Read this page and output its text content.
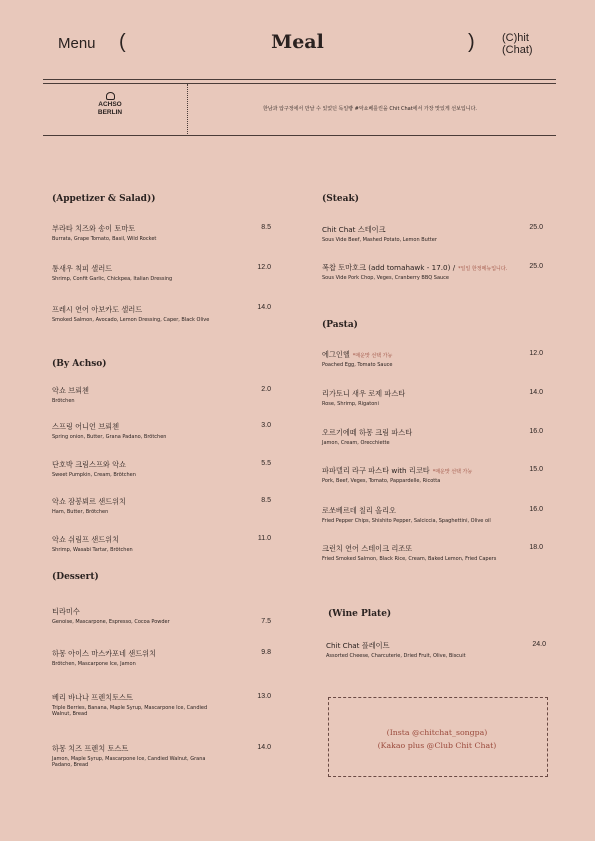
Menu (	Meal	) (C)hit
(Chat)
ACHSO
BERLIN	한남과 압구정에서 만날 수 있었던 독일빵 #악쇼베를린을 Chit Chat에서 가장 맛있게 선보입니다.
(Appetizer & Salad))
부라타 치즈와 송이 토마토
Burrata, Grape Tomato, Basil, Wild Rocket
8.5
통새우 칙피 샐러드
Shrimp, Confit Garlic, Chickpea, Italian Dressing
12.0
프레시 연어 아보카도 샐러드
Smoked Salmon, Avocado, Lemon Dressing, Caper, Black Olive
14.0
(By Achso)
악쇼 브뢰첸
Brötchen
2.0
스프링 어니언 브뢰첸
Spring onion, Butter, Grana Padano, Brötchen
3.0
단호박 크림스프와 악쇼
Sweet Pumpkin, Cream, Brötchen
5.5
악쇼 잠봉뵈르 샌드위치
Ham, Butter, Brötchen
8.5
악쇼 쉬림프 샌드위치
Shrimp, Wasabi Tartar, Brötchen
11.0
(Dessert)
티라미수
Genoise, Mascarpone, Espresso, Cocoa Powder	7.5
하몽 아이스 마스카포네 샌드위치
Brötchen, Mascarpone Ice, Jamon
9.8
베리 바나나 프렌치토스트
Triple Berries, Banana, Maple Syrup, Mascarpone Ice, Candied Walnut, Bread
13.0
하몽 치즈 프렌치 토스트
Jamon, Maple Syrup, Mascarpone Ice, Candied Walnut, Grana Padano, Bread
14.0
(Steak)
Chit Chat 스테이크
Sous Vide Beef, Mashed Potato, Lemon Butter
25.0
폭찹 토마호크 (add tomahawk - 17.0) / *일일 한정메뉴입니다.
Sous Vide Pork Chop, Veges, Cranberry BBQ Sauce
25.0
(Pasta)
에그인헬 *매운맛 선택 가능
Poached Egg, Tomato Sauce
12.0
리가토니 새우 로제 파스타
Rose, Shrimp, Rigatoni
14.0
오르기에떼 하몽 크림 파스타
Jamon, Cream, Orecchiette
16.0
파파델리 라구 파스타 with 리코타 *매운맛 선택 가능
Pork, Beef, Veges, Tomato, Pappardelle, Ricotta
15.0
로쏘베르데 칠리 올리오
Fried Pepper Chips, Shishito Pepper, Salciccia, Spaghettini, Olive oil
16.0
크런치 연어 스테이크 리조또
Fried Smoked Salmon, Black Rice, Cream, Baked Lemon, Fried Capers
18.0
(Wine Plate)
Chit Chat 플레이트
Assorted Cheese, Charcuterie, Dried Fruit, Olive, Biscuit
24.0
(Insta @chitchat_songpa)
(Kakao plus @Club Chit Chat)
